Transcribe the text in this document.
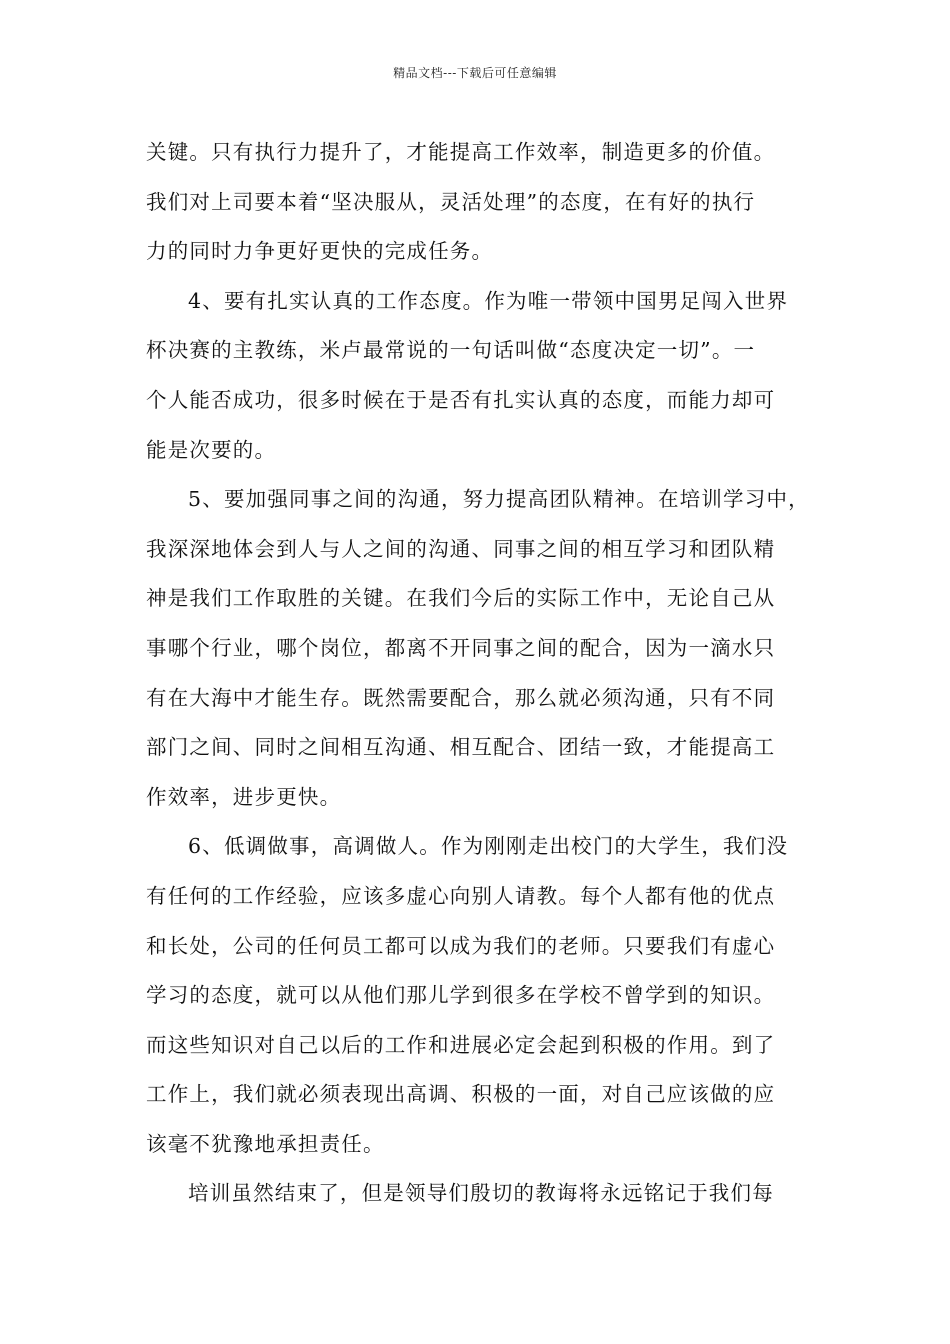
精品文档---下载后可任意编辑
关键。只有执行力提升了，才能提高工作效率，制造更多的价值。
我们对上司要本着“坚决服从，灵活处理”的态度，在有好的执行
力的同时力争更好更快的完成任务。
4、要有扎实认真的工作态度。作为唯一带领中国男足闯入世界
杯决赛的主教练，米卢最常说的一句话叫做“态度决定一切”。一
个人能否成功，很多时候在于是否有扎实认真的态度，而能力却可
能是次要的。
5、要加强同事之间的沟通，努力提高团队精神。在培训学习中，
我深深地体会到人与人之间的沟通、同事之间的相互学习和团队精
神是我们工作取胜的关键。在我们今后的实际工作中，无论自己从
事哪个行业，哪个岗位，都离不开同事之间的配合，因为一滴水只
有在大海中才能生存。既然需要配合，那么就必须沟通，只有不同
部门之间、同时之间相互沟通、相互配合、团结一致，才能提高工
作效率，进步更快。
6、低调做事，高调做人。作为刚刚走出校门的大学生，我们没
有任何的工作经验，应该多虚心向别人请教。每个人都有他的优点
和长处，公司的任何员工都可以成为我们的老师。只要我们有虚心
学习的态度，就可以从他们那儿学到很多在学校不曾学到的知识。
而这些知识对自己以后的工作和进展必定会起到积极的作用。到了
工作上，我们就必须表现出高调、积极的一面，对自己应该做的应
该毫不犹豫地承担责任。
培训虽然结束了，但是领导们殷切的教诲将永远铭记于我们每
